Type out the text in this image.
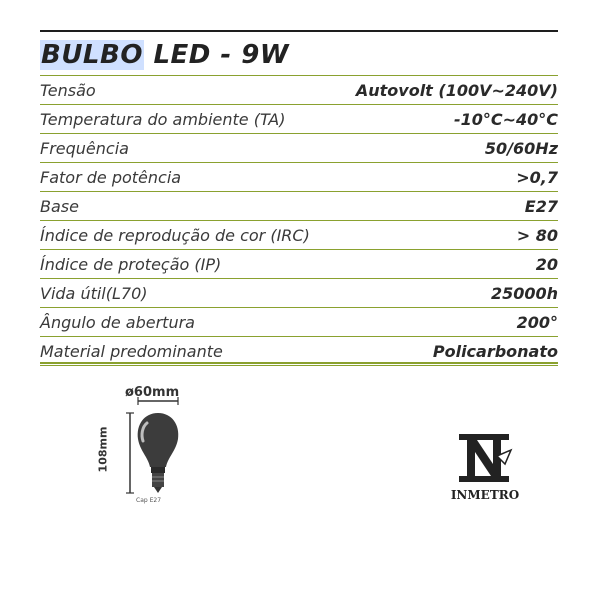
BULBO LED - 9W
Tensão	Autovolt (100V~240V)
Temperatura do ambiente (TA)	-10°C~40°C
Frequência	50/60Hz
Fator de potência	>0,7
Base	E27
Índice de reprodução de cor (IRC)	> 80
Índice de proteção (IP)	20
Vida útil(L70)	25000h
Ângulo de abertura	200°
Material predominante	Policarbonato
ø60mm
108mm
Cap E27	INMETRO
